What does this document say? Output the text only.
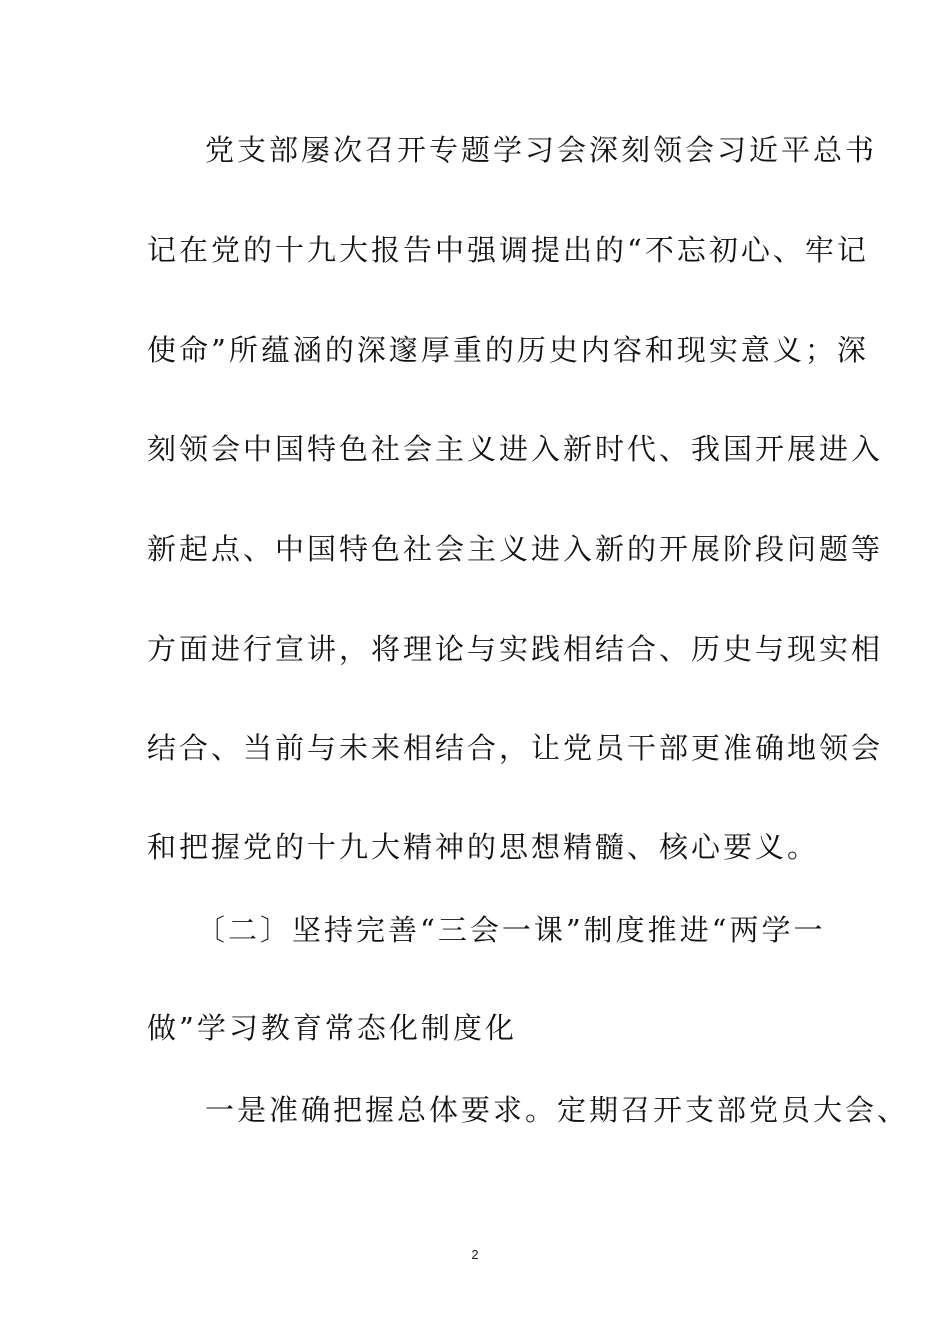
党支部屡次召开专题学习会深刻领会习近平总书
记在党的十九大报告中强调提出的“不忘初心、牢记
使命”所蕴涵的深邃厚重的历史内容和现实意义；深
刻领会中国特色社会主义进入新时代、我国开展进入
新起点、中国特色社会主义进入新的开展阶段问题等
方面进行宣讲，将理论与实践相结合、历史与现实相
结合、当前与未来相结合，让党员干部更准确地领会
和把握党的十九大精神的思想精髓、核心要义。
〔二〕坚持完善“三会一课”制度推进“两学一
做”学习教育常态化制度化
一是准确把握总体要求。定期召开支部党员大会、
2
